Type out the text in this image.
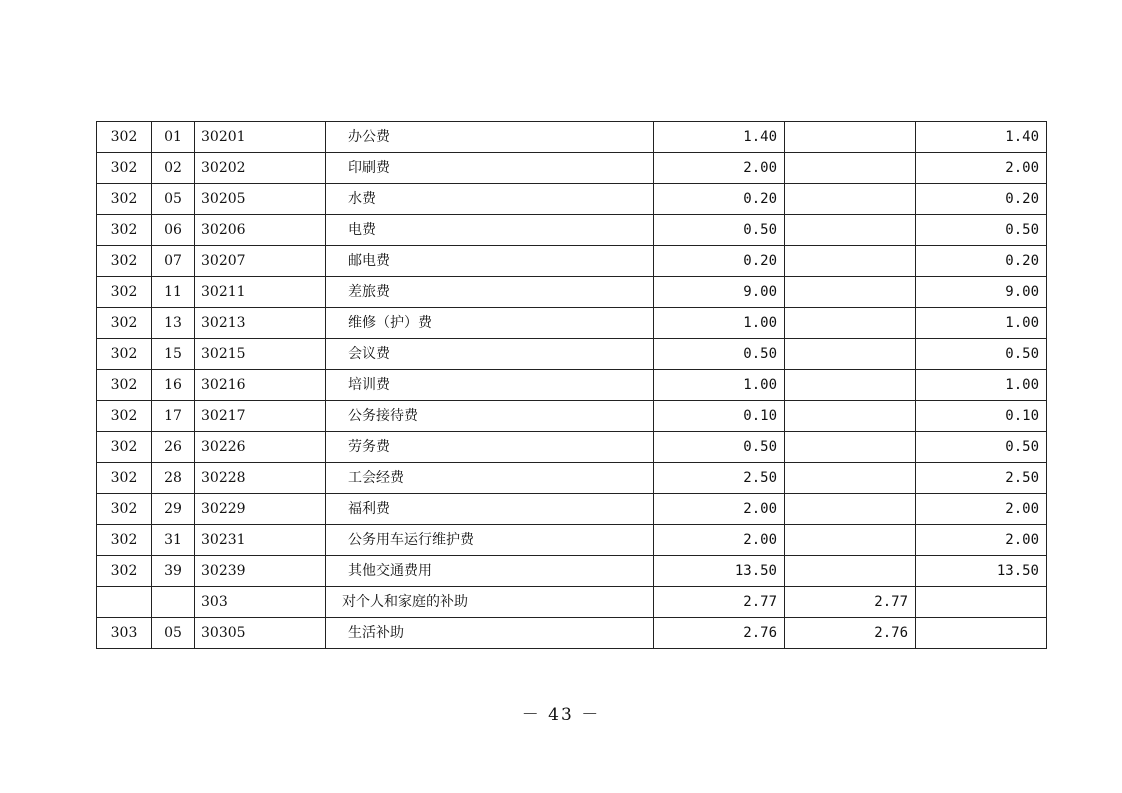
302	01	30201	办公费	1.40		1.40
302	02	30202	印刷费	2.00		2.00
302	05	30205	水费	0.20		0.20
302	06	30206	电费	0.50		0.50
302	07	30207	邮电费	0.20		0.20
302	11	30211	差旅费	9.00		9.00
302	13	30213	维修（护）费	1.00		1.00
302	15	30215	会议费	0.50		0.50
302	16	30216	培训费	1.00		1.00
302	17	30217	公务接待费	0.10		0.10
302	26	30226	劳务费	0.50		0.50
302	28	30228	工会经费	2.50		2.50
302	29	30229	福利费	2.00		2.00
302	31	30231	公务用车运行维护费	2.00		2.00
302	39	30239	其他交通费用	13.50		13.50
		303	对个人和家庭的补助	2.77	2.77	
303	05	30305	生活补助	2.76	2.76	
－ 43 －
